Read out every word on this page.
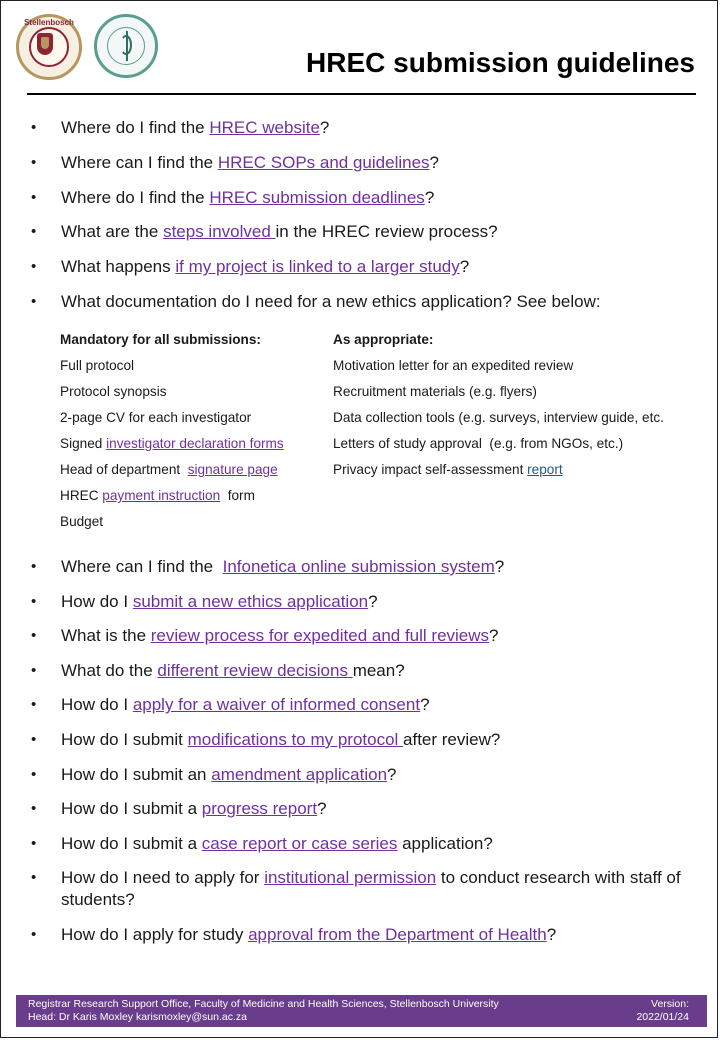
Stellenbosch
HREC submission guidelines
• Where do I find the HREC website?
• Where can I find the HREC SOPs and guidelines?
• Where do I find the HREC submission deadlines?
• What are the steps involved in the HREC review process?
• What happens if my project is linked to a larger study?
• What documentation do I need for a new ethics application? See below:
Mandatory for all submissions:
Full protocol
Protocol synopsis
2-page CV for each investigator
Signed investigator declaration forms
Head of department  signature page
HREC payment instruction  form
Budget
As appropriate:
Motivation letter for an expedited review
Recruitment materials (e.g. flyers)
Data collection tools (e.g. surveys, interview guide, etc.
Letters of study approval  (e.g. from NGOs, etc.)
Privacy impact self-assessment report
• Where can I find the  Infonetica online submission system?
• How do I submit a new ethics application?
• What is the review process for expedited and full reviews?
• What do the different review decisions mean?
• How do I apply for a waiver of informed consent?
• How do I submit modifications to my protocol after review?
• How do I submit an amendment application?
• How do I submit a progress report?
• How do I submit a case report or case series application?
• How do I need to apply for institutional permission to conduct research with staff of students?
• How do I apply for study approval from the Department of Health?
Registrar Research Support Office, Faculty of Medicine and Health Sciences, Stellenbosch University
Head: Dr Karis Moxley karismoxley@sun.ac.za
Version:
2022/01/24
